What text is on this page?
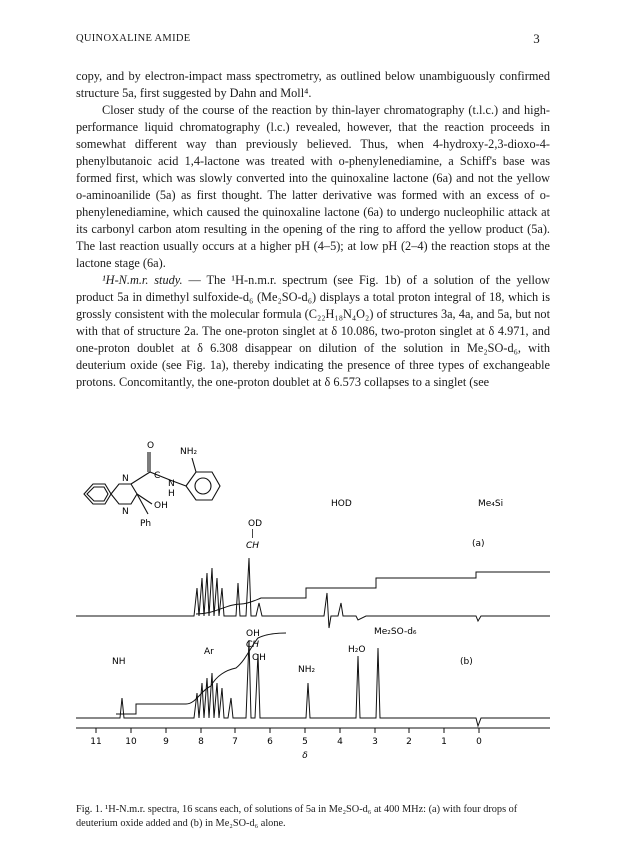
QUINOXALINE AMIDE	3

copy, and by electron-impact mass spectrometry, as outlined below unambiguously confirmed structure 5a, first suggested by Dahn and Moll⁴.

Closer study of the course of the reaction by thin-layer chromatography (t.l.c.) and high-performance liquid chromatography (l.c.) revealed, however, that the reaction proceeds in somewhat different way than previously believed. Thus, when 4-hydroxy-2,3-dioxo-4-phenylbutanoic acid 1,4-lactone was treated with o-phenylenediamine, a Schiff's base was formed first, which was slowly converted into the quinoxaline lactone (6a) and not the yellow o-aminoanilide (5a) as first thought. The latter derivative was formed with an excess of o-phenylenediamine, which caused the quinoxaline lactone (6a) to undergo nucleophilic attack at its carbonyl carbon atom resulting in the opening of the ring to afford the yellow product (5a). The last reaction usually occurs at a higher pH (4–5); at low pH (2–4) the reaction stops at the lactone stage (6a).

¹H-N.m.r. study. — The ¹H-n.m.r. spectrum (see Fig. 1b) of a solution of the yellow product 5a in dimethyl sulfoxide-d₆ (Me₂SO-d₆) displays a total proton integral of 18, which is grossly consistent with the molecular formula (C₂₂H₁₈N₄O₂) of structures 3a, 4a, and 5a, but not with that of structure 2a. The one-proton singlet at δ 10.086, two-proton singlet at δ 4.971, and one-proton doublet at δ 6.308 disappear on dilution of the solution in Me₂SO-d₆, with deuterium oxide (see Fig. 1a), thereby indicating the presence of three types of exchangeable protons. Concomitantly, the one-proton doublet at δ 6.573 collapses to a singlet (see

O
NH₂
N	C
N
H
OH
N
Ph
HOD	Me₄Si
OD
|
CH	(a)
OH
CH
OH
Ar
NH
NH₂
H₂O
Me₂SO-d₆
(b)
11	10	9	8	7	6	5	4	3	2	1	0
δ
Fig. 1. ¹H-N.m.r. spectra, 16 scans each, of solutions of 5a in Me₂SO-d₆ at 400 MHz: (a) with four drops of deuterium oxide added and (b) in Me₂SO-d₆ alone.
